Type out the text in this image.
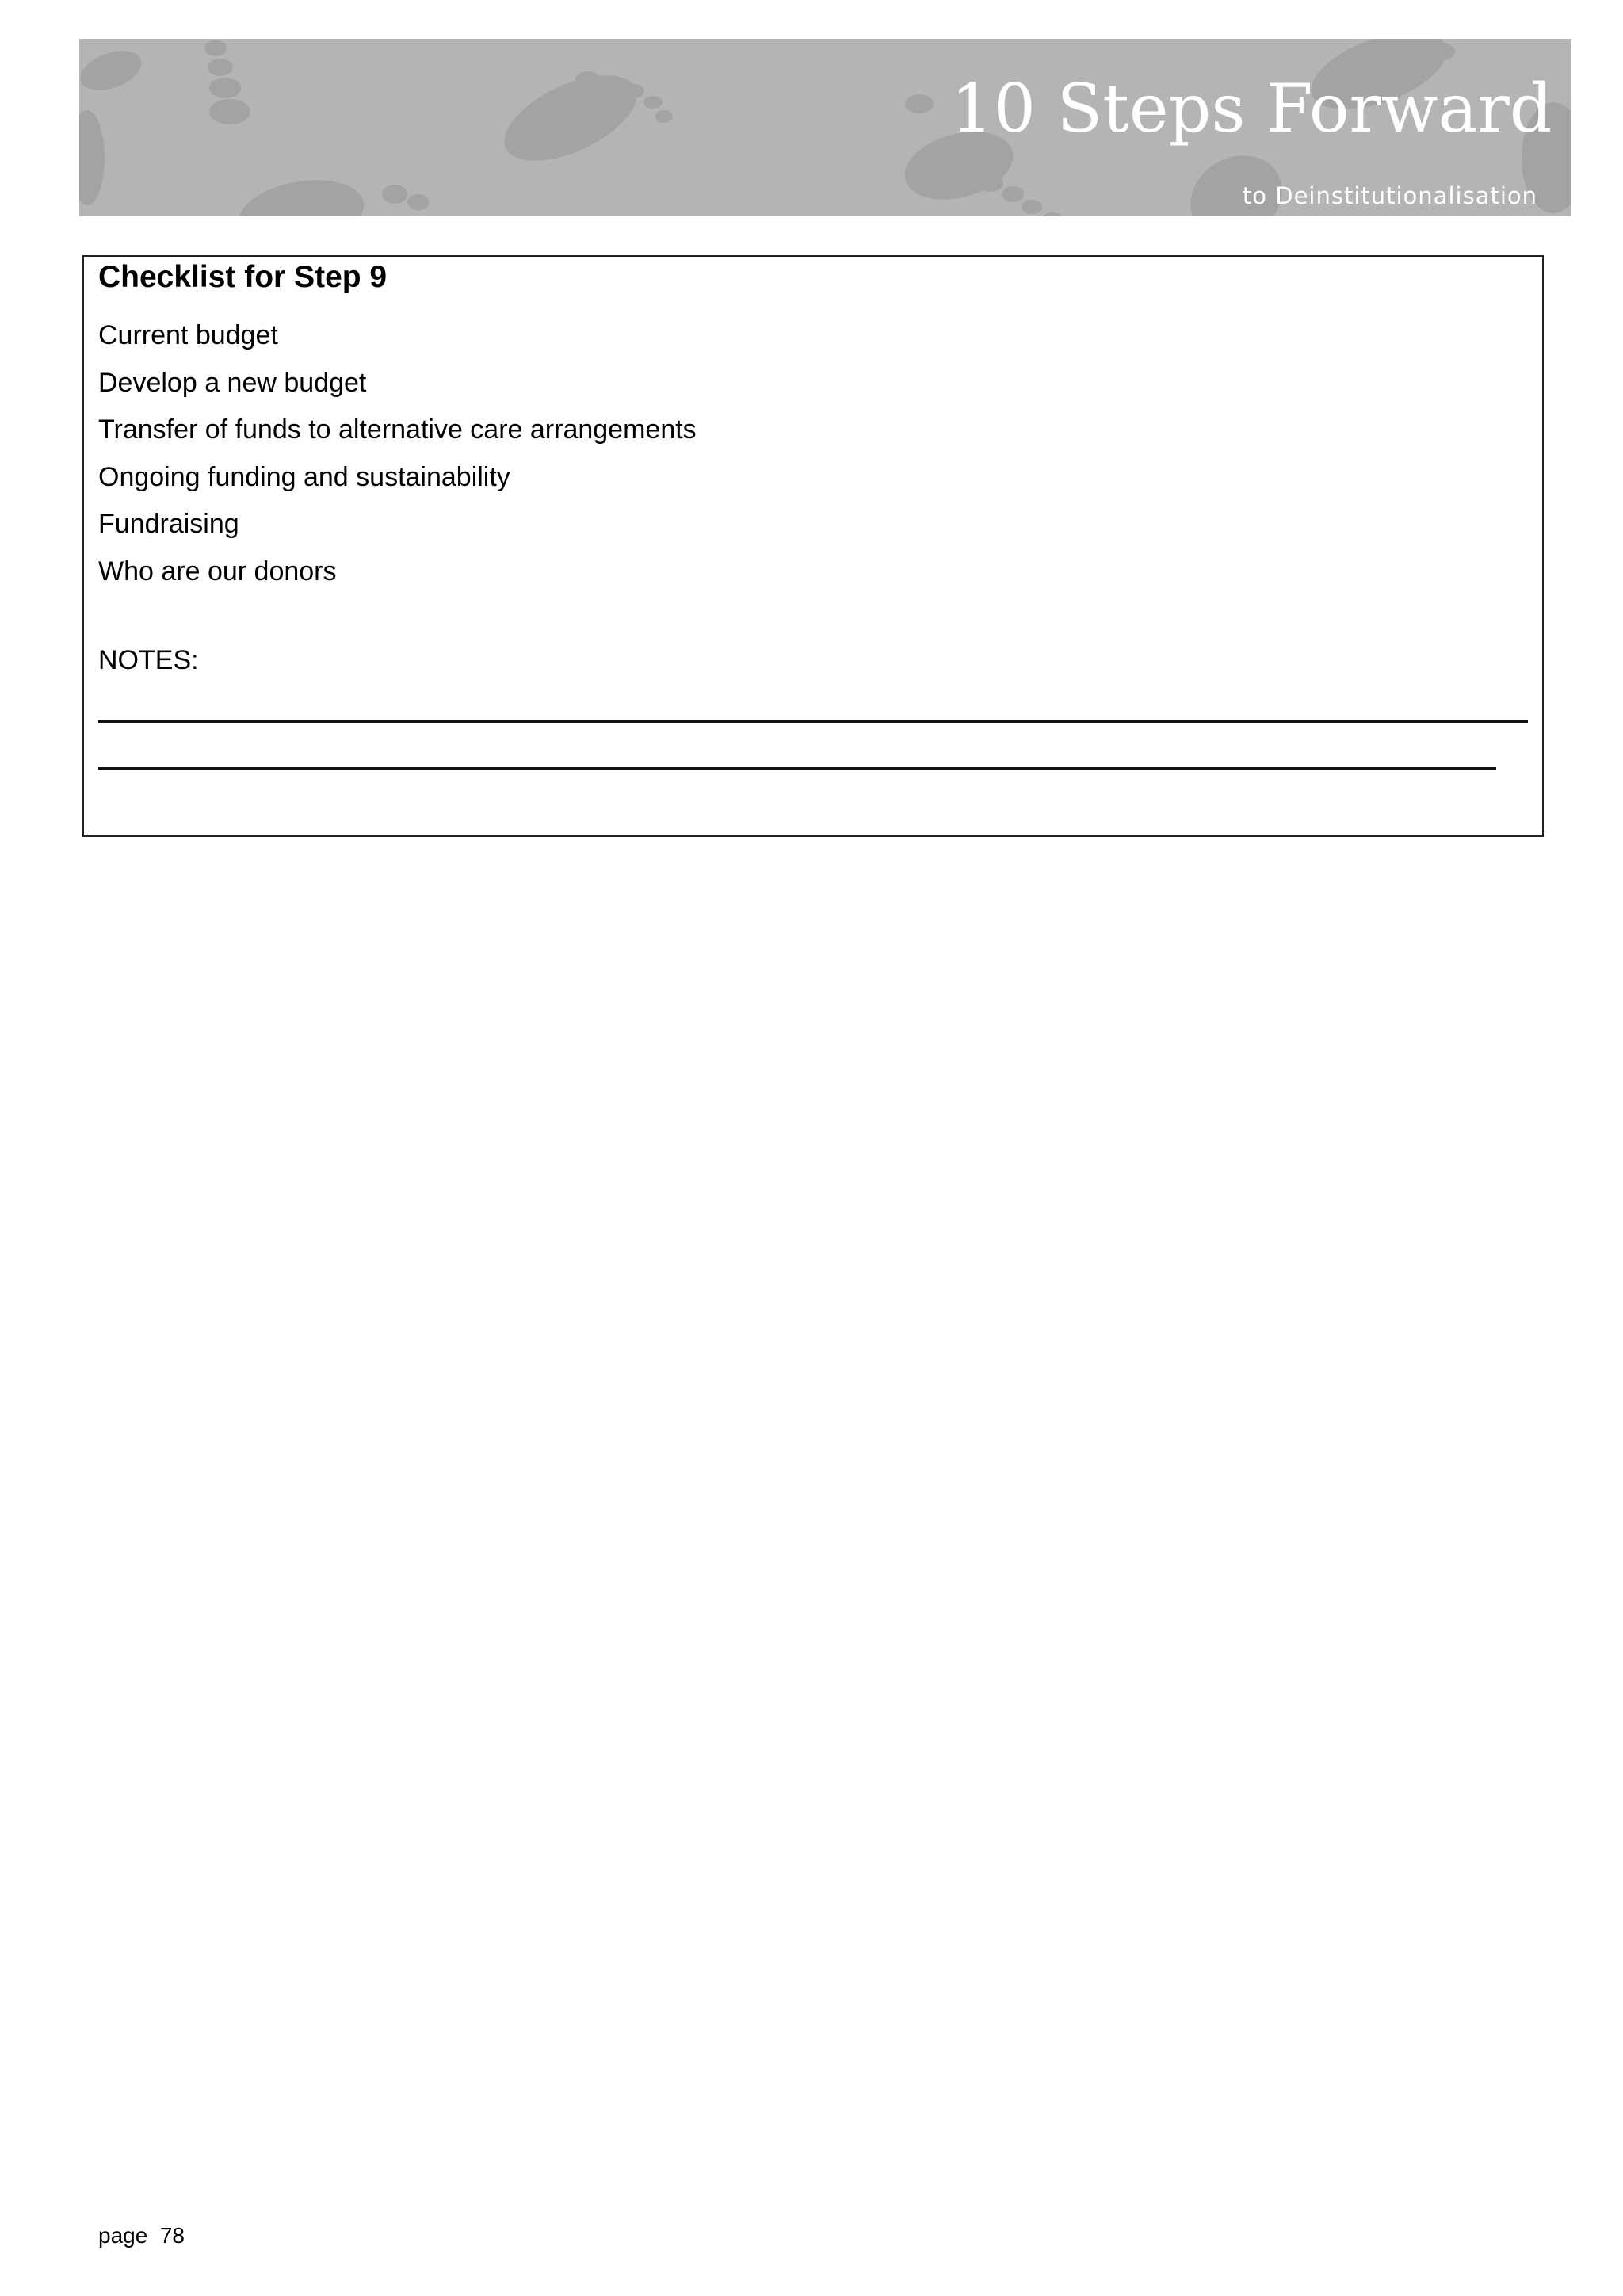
10 Steps Forward
to Deinstitutionalisation
Checklist for Step 9
Current budget
Develop a new budget
Transfer of funds to alternative care arrangements
Ongoing funding and sustainability
Fundraising
Who are our donors
NOTES:
page  78
